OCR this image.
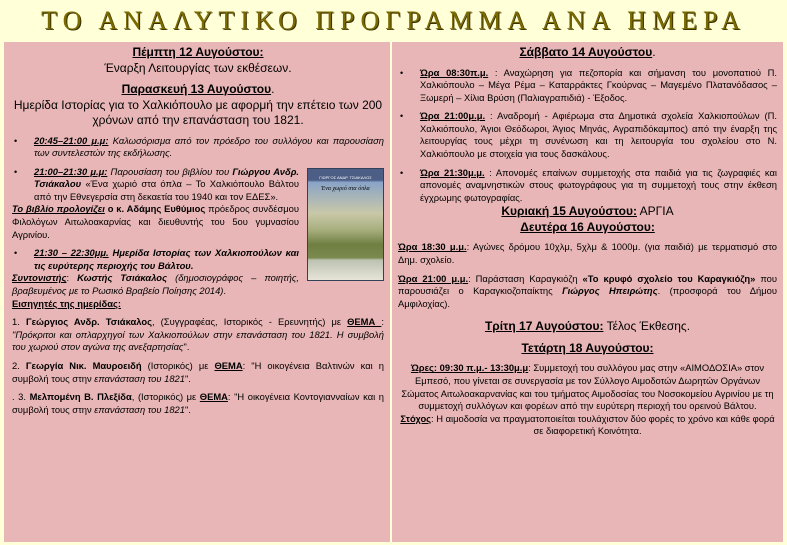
ΤΟ ΑΝΑΛΥΤΙΚΟ ΠΡΟΓΡΑΜΜΑ ΑΝΑ ΗΜΕΡΑ
Πέμπτη 12 Αυγούστου:
Έναρξη Λειτουργίας των εκθέσεων.
Παρασκευή 13 Αυγούστου.
Ημερίδα Ιστορίας για το Χαλκιόπουλο με αφορμή την επέτειο των 200 χρόνων από την επανάσταση του 1821.
•	20:45–21:00 μ.μ: Καλωσόρισμα από τον πρόεδρο του συλλόγου και παρουσίαση των συντελεστών της εκδήλωσης.
ΓΙΩΡΓΟΣ ΑΝΔΡ. ΤΣΙΑΚΑΛΟΣ
Ένα χωριό στα όπλα
•	21:00–21:30 μ.μ: Παρουσίαση του βιβλίου του Γιώργου Ανδρ. Τσιάκαλου «Ένα χωριό στα όπλα – Το Χαλκιόπουλο Βάλτου από την Εθνεγερσία στη δεκαετία του 1940 και τον ΕΔΕΣ».
Το βιβλίο προλογίζει ο κ. Αδάμης Ευθύμιος πρόεδρος συνδέσμου Φιλολόγων Αιτωλοακαρνίας και διευθυντής του 5ου γυμνασίου Αγρινίου.
•	21:30 – 22:30μμ. Ημερίδα Ιστορίας των Χαλκιοπούλων και τις ευρύτερης περιοχής του Βάλτου.
Συντονιστής: Κωστής Τσιάκαλος (δημοσιογράφος – ποιητής, βραβευμένος με το Ρωσικό Βραβείο Ποίησης 2014).
Εισηγητές της ημερίδας:
1. Γεώργιος Ανδρ. Τσιάκαλος, (Συγγραφέας, Ιστορικός - Ερευνητής) με ΘΕΜΑ : "Πρόκριτοι και οπλαρχηγοί των Χαλκιοπούλων στην επανάσταση του 1821. Η συμβολή του χωριού στον αγώνα της ανεξαρτησίας".
2. Γεωργία Νικ. Μαυροειδή (Ιστορικός) με ΘΕΜΑ: "Η οικογένεια Βαλτινών και η συμβολή τους στην επανάσταση του 1821".
. 3. Μελπομένη Β. Πλεξίδα, (Ιστορικός) με ΘΕΜΑ: "Η οικογένεια Κοντογιανναίων και η συμβολή τους στην επανάσταση του 1821".
Σάββατο 14 Αυγούστου.
•	Ώρα 08:30π.μ. : Αναχώρηση για πεζοπορία και σήμανση του μονοπατιού Π. Χαλκιόπουλο – Μέγα Ρέμα – Καταρράκτες Γκούρνας – Μαγεμένο Πλατανόδασος – Ξωμερή – Χίλια Βρύση (Παλιαγραπιδιά) - Έξοδος.
•	Ώρα 21:00μ.μ. : Αναδρομή - Αφιέρωμα στα Δημοτικά σχολεία Χαλκιοπούλων (Π. Χαλκιόπουλο, Άγιοι Θεόδωροι, Άγιος Μηνάς, Αγραπιδόκαμπος) από την έναρξη της λειτουργίας τους μέχρι τη συνένωση και τη λειτουργία του σχολείου στο Ν. Χαλκιόπουλο με στοιχεία για τους δασκάλους.
•	Ώρα 21:30μ.μ. : Απονομές επαίνων συμμετοχής στα παιδιά για τις ζωγραφιές και απονομές αναμνηστικών στους φωτογράφους για τη συμμετοχή τους στην έκθεση έγχρωμης φωτογραφίας.
Κυριακή 15 Αυγούστου: ΑΡΓΙΑ
Δευτέρα 16 Αυγούστου:
Ώρα 18:30 μ.μ.: Αγώνες δρόμου 10χλμ, 5χλμ & 1000μ. (για παιδιά) με τερματισμό στο Δημ. σχολείο.
Ώρα 21:00 μ.μ.: Παράσταση Καραγκιόζη «Το κρυφό σχολείο του Καραγκιόζη» που παρουσιάζει ο Καραγκιοζοπαίκτης Γιώργος Ηπειρώτης. (προσφορά του Δήμου Αμφιλοχίας).
Τρίτη 17 Αυγούστου: Τέλος Έκθεσης.
Τετάρτη 18 Αυγούστου:
Ώρες: 09:30 π.μ.- 13:30μ.μ: Συμμετοχή του συλλόγου μας στην «ΑΙΜΟΔΟΣΙΑ» στον Εμπεσό, που γίνεται σε συνεργασία με τον Σύλλογο Αιμοδοτών Δωρητών Οργάνων Σώματος Αιτωλοακαρνανίας και του τμήματος Αιμοδοσίας του Νοσοκομείου Αγρινίου με τη συμμετοχή συλλόγων και φορέων από την ευρύτερη περιοχή του ορεινού Βάλτου.
Στόχος: Η αιμοδοσία να πραγματοποιείται τουλάχιστον δύο φορές το χρόνο και κάθε φορά σε διαφορετική Κοινότητα.
